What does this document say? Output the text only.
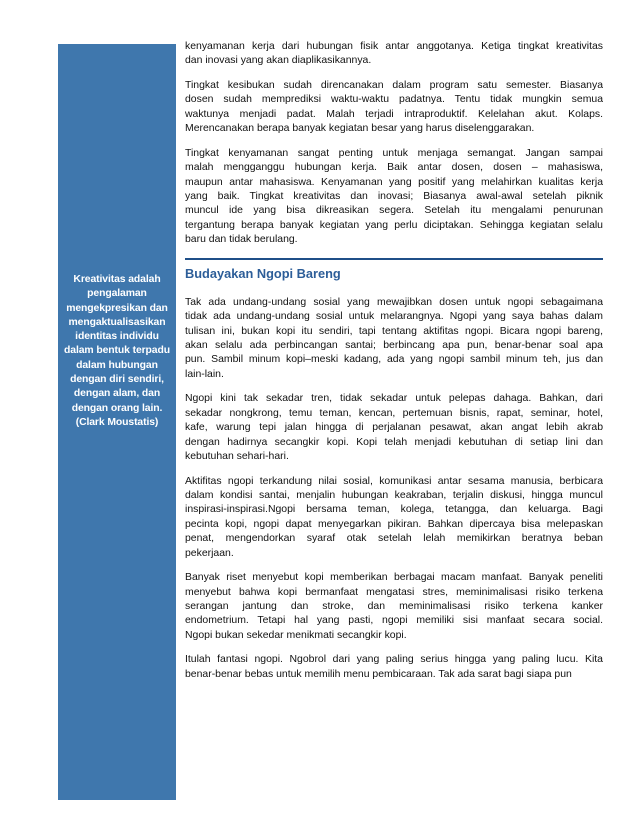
Kreativitas adalah
pengalaman
mengekpresikan dan
mengaktualisasikan
identitas individu
dalam bentuk terpadu
dalam hubungan
dengan diri sendiri,
dengan alam, dan
dengan orang lain.
(Clark Moustatis)

kenyamanan kerja dari hubungan fisik antar anggotanya. Ketiga tingkat kreativitas
dan inovasi yang akan diaplikasikannya.

Tingkat kesibukan sudah direncanakan dalam program satu semester. Biasanya
dosen sudah memprediksi waktu-waktu padatnya. Tentu tidak mungkin semua
waktunya menjadi padat. Malah terjadi intraproduktif. Kelelahan akut. Kolaps.
Merencanakan berapa banyak kegiatan besar yang harus diselenggarakan.

Tingkat kenyamanan sangat penting untuk menjaga semangat. Jangan sampai
malah mengganggu hubungan kerja. Baik antar dosen, dosen – mahasiswa,
maupun antar mahasiswa. Kenyamanan yang positif yang melahirkan kualitas kerja
yang baik. Tingkat kreativitas dan inovasi; Biasanya awal-awal setelah piknik
muncul ide yang bisa dikreasikan segera. Setelah itu mengalami penurunan
tergantung berapa banyak kegiatan yang perlu diciptakan. Sehingga kegiatan selalu
baru dan tidak berulang.

Budayakan Ngopi Bareng

Tak ada undang-undang sosial yang mewajibkan dosen untuk ngopi sebagaimana
tidak ada undang-undang sosial untuk melarangnya. Ngopi yang saya bahas dalam
tulisan ini, bukan kopi itu sendiri, tapi tentang aktifitas ngopi. Bicara ngopi bareng,
akan selalu ada perbincangan santai; berbincang apa pun, benar-benar soal apa
pun. Sambil minum kopi–meski kadang, ada yang ngopi sambil minum teh, jus dan
lain-lain.

Ngopi kini tak sekadar tren, tidak sekadar untuk pelepas dahaga. Bahkan, dari
sekadar nongkrong, temu teman, kencan, pertemuan bisnis, rapat, seminar, hotel,
kafe, warung tepi jalan hingga di perjalanan pesawat, akan angat lebih akrab
dengan hadirnya secangkir kopi. Kopi telah menjadi kebutuhan di setiap lini dan
kebutuhan sehari-hari.

Aktifitas ngopi terkandung nilai sosial, komunikasi antar sesama manusia, berbicara
dalam kondisi santai, menjalin hubungan keakraban, terjalin diskusi, hingga muncul
inspirasi-inspirasi.Ngopi bersama teman, kolega, tetangga, dan keluarga. Bagi
pecinta kopi, ngopi dapat menyegarkan pikiran. Bahkan dipercaya bisa melepaskan
penat, mengendorkan syaraf otak setelah lelah memikirkan beratnya beban
pekerjaan.

Banyak riset menyebut kopi memberikan berbagai macam manfaat. Banyak peneliti
menyebut bahwa kopi bermanfaat mengatasi stres, meminimalisasi risiko terkena
serangan jantung dan stroke, dan meminimalisasi risiko terkena kanker
endometrium. Tetapi hal yang pasti, ngopi memiliki sisi manfaat secara social.
Ngopi bukan sekedar menikmati secangkir kopi.

Itulah fantasi ngopi. Ngobrol dari yang paling serius hingga yang paling lucu. Kita
benar-benar bebas untuk memilih menu pembicaraan. Tak ada sarat bagi siapa pun
